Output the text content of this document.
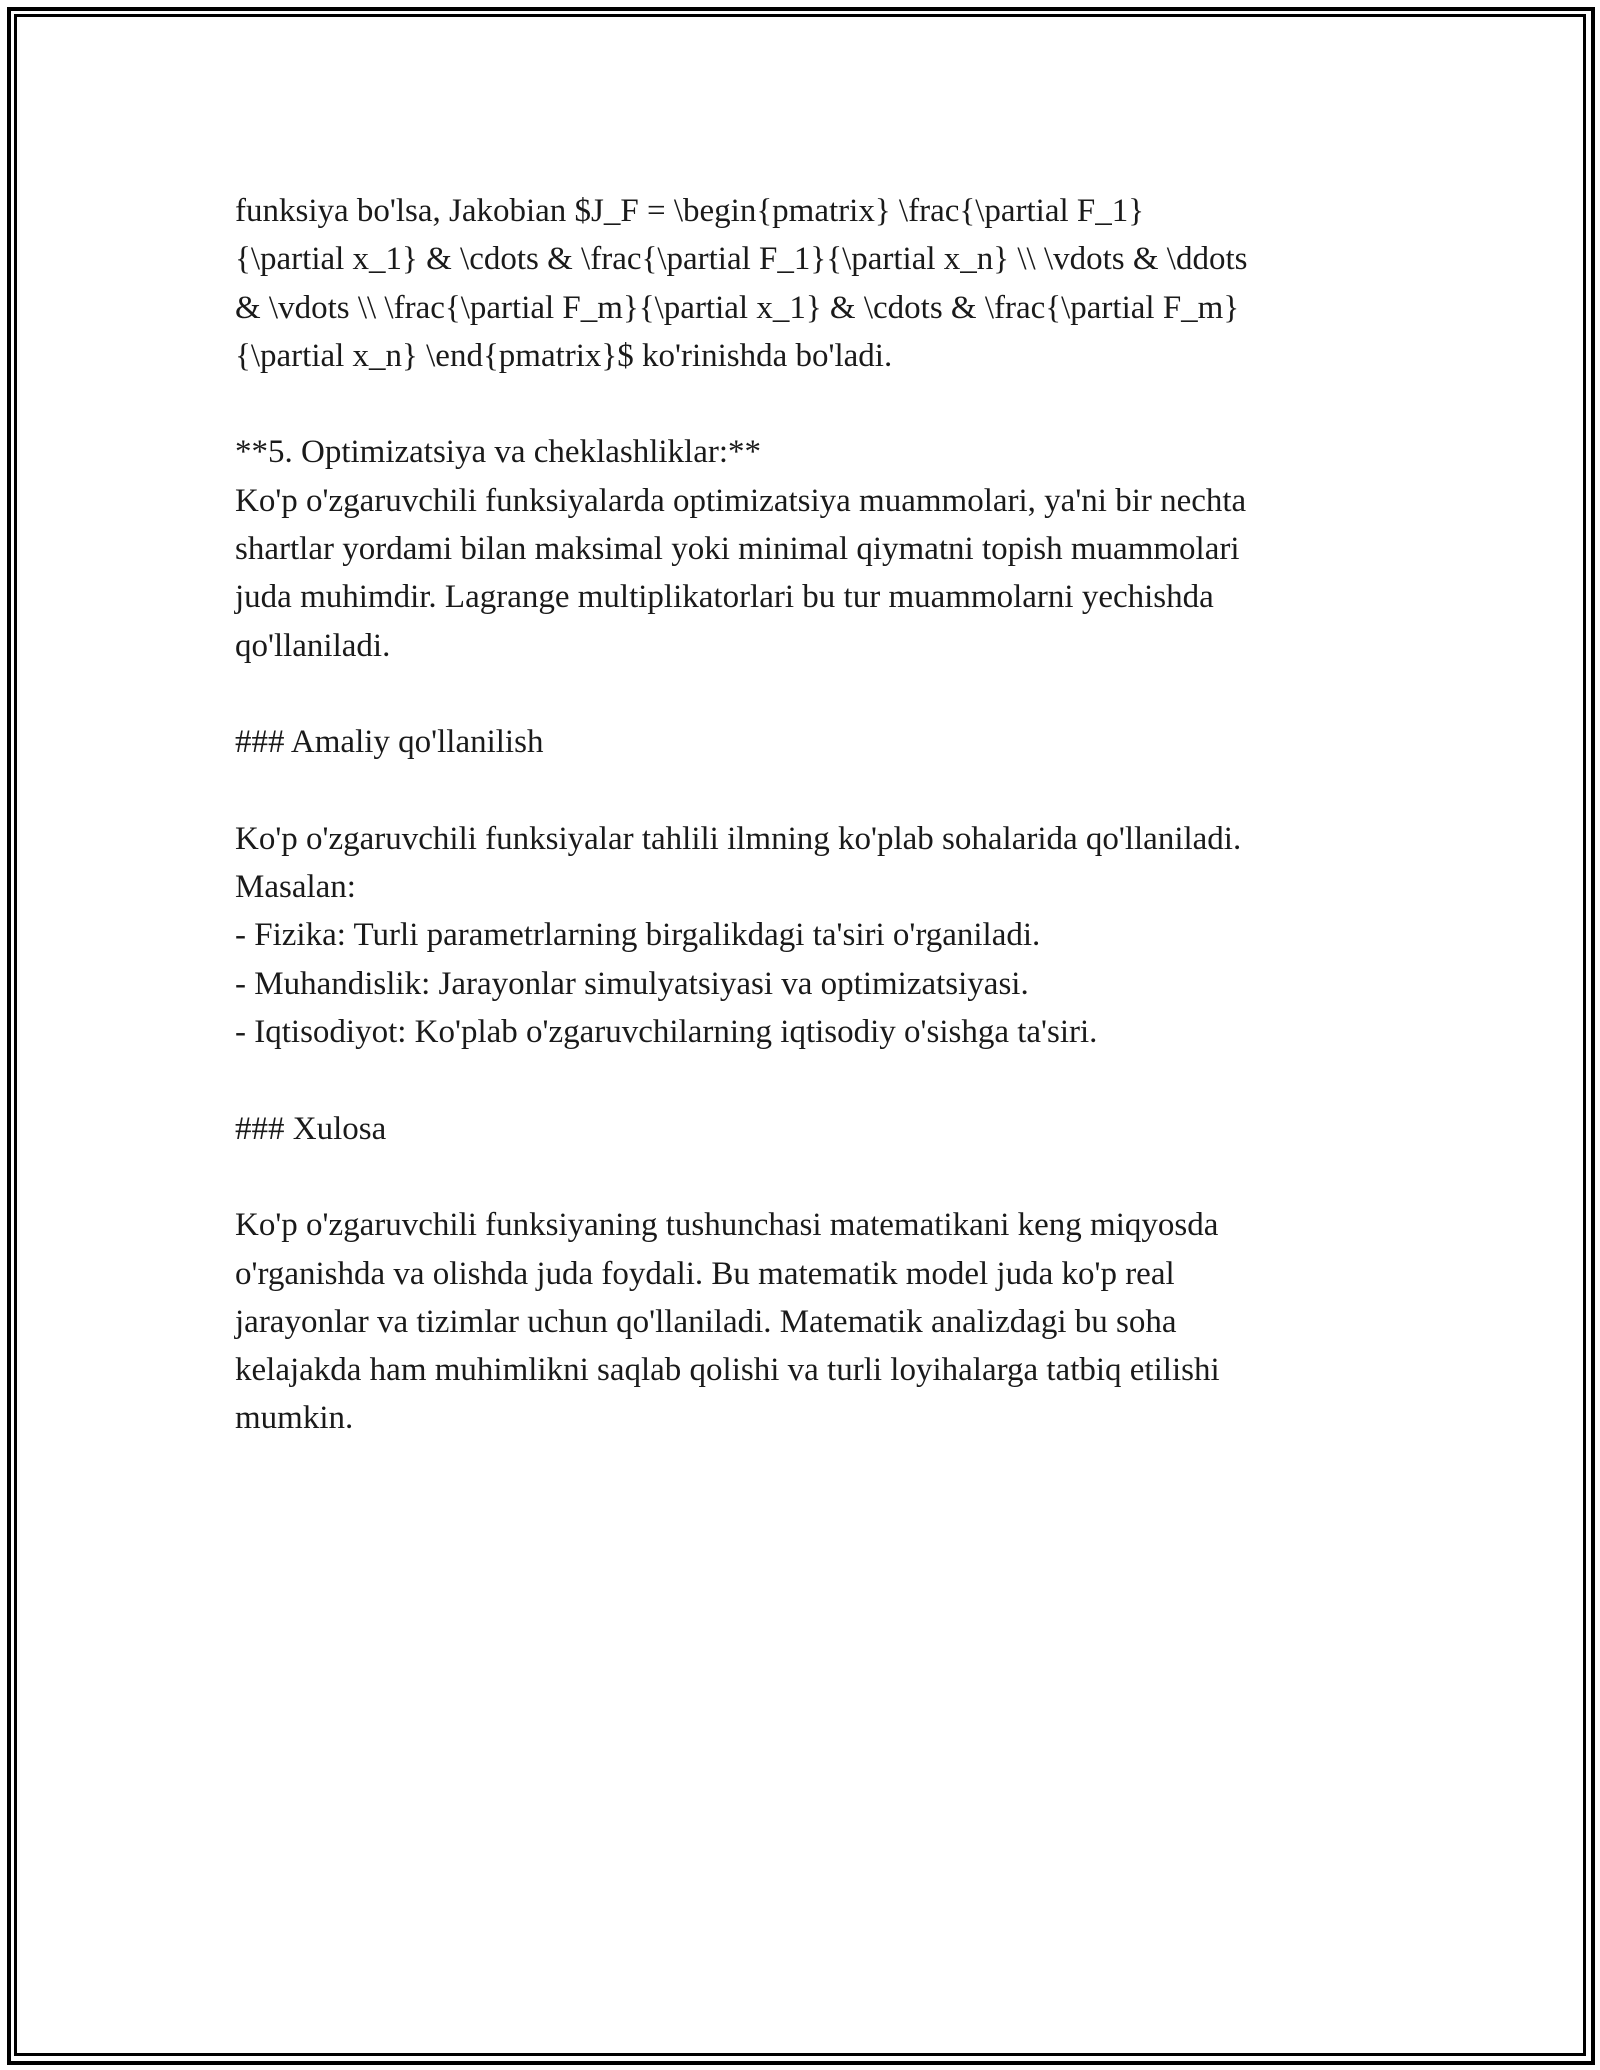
funksiya bo'lsa, Jakobian $J_F = \begin{pmatrix} \frac{\partial F_1}
{\partial x_1} & \cdots & \frac{\partial F_1}{\partial x_n} \\ \vdots & \ddots
& \vdots \\ \frac{\partial F_m}{\partial x_1} & \cdots & \frac{\partial F_m}
{\partial x_n} \end{pmatrix}$ ko'rinishda bo'ladi.
**5. Optimizatsiya va cheklashliklar:**
Ko'p o'zgaruvchili funksiyalarda optimizatsiya muammolari, ya'ni bir nechta
shartlar yordami bilan maksimal yoki minimal qiymatni topish muammolari
juda muhimdir. Lagrange multiplikatorlari bu tur muammolarni yechishda
qo'llaniladi.
### Amaliy qo'llanilish
Ko'p o'zgaruvchili funksiyalar tahlili ilmning ko'plab sohalarida qo'llaniladi.
Masalan:
- Fizika: Turli parametrlarning birgalikdagi ta'siri o'rganiladi.
- Muhandislik: Jarayonlar simulyatsiyasi va optimizatsiyasi.
- Iqtisodiyot: Ko'plab o'zgaruvchilarning iqtisodiy o'sishga ta'siri.
### Xulosa
Ko'p o'zgaruvchili funksiyaning tushunchasi matematikani keng miqyosda
o'rganishda va olishda juda foydali. Bu matematik model juda ko'p real
jarayonlar va tizimlar uchun qo'llaniladi. Matematik analizdagi bu soha
kelajakda ham muhimlikni saqlab qolishi va turli loyihalarga tatbiq etilishi
mumkin.
